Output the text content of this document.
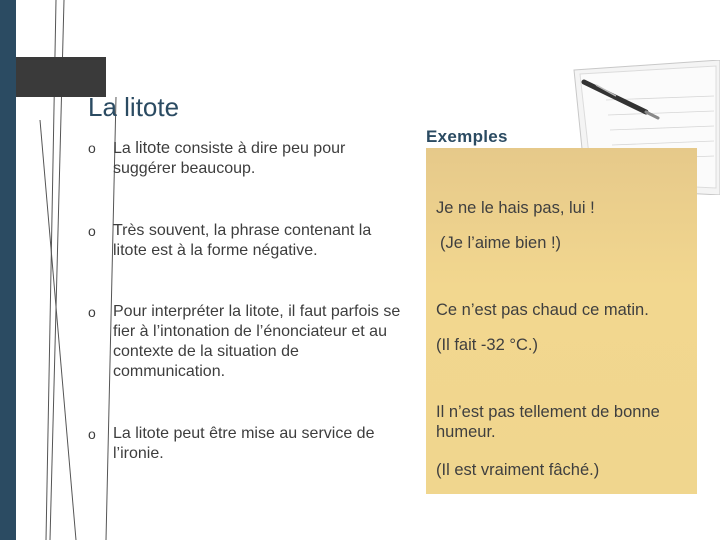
La litote
o La litote consiste à dire peu pour suggérer beaucoup.
o Très souvent, la phrase contenant la litote est à la forme négative.
o Pour interpréter la litote, il faut parfois se fier à l’intonation de l’énonciateur et au contexte de la situation de communication.
o La litote peut être mise au service de l’ironie.
Exemples
Je ne le hais pas, lui !
(Je l’aime bien !)
Ce n’est pas chaud ce matin.
(Il fait -32 °C.)
Il n’est pas tellement de bonne humeur.
(Il est vraiment fâché.)
